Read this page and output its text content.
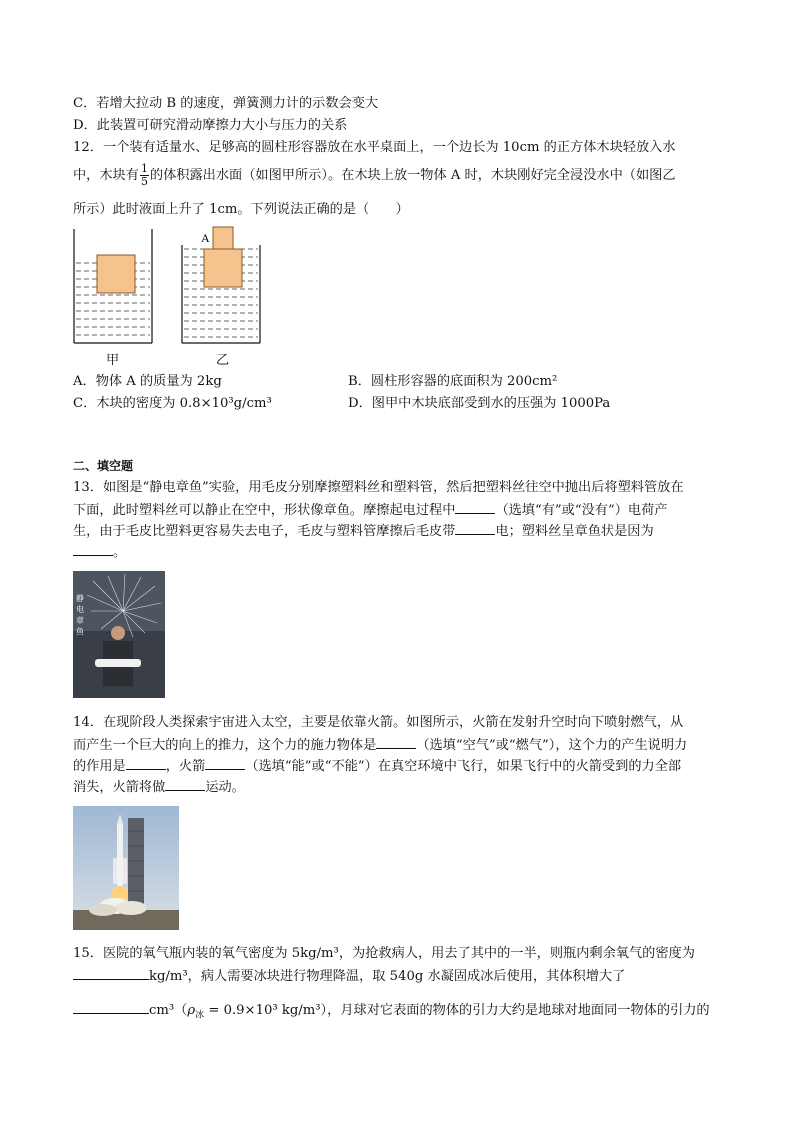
C．若增大拉动 B 的速度，弹簧测力计的示数会变大
D．此装置可研究滑动摩擦力大小与压力的关系
12．一个装有适量水、足够高的圆柱形容器放在水平桌面上，一个边长为 10cm 的正方体木块轻放入水
中，木块有 $\frac{1}{5}$ 的体积露出水面（如图甲所示）。在木块上放一物体 A 时，木块刚好完全浸没水中（如图乙
所示）此时液面上升了 1cm。下列说法正确的是（　　）
A
甲	乙
A．物体 A 的质量为 2kg	B．圆柱形容器的底面积为 200cm²
C．木块的密度为 0.8×10³g/cm³	D．图甲中木块底部受到水的压强为 1000Pa
二、填空题
13．如图是“静电章鱼”实验，用毛皮分别摩擦塑料丝和塑料管，然后把塑料丝往空中抛出后将塑料管放在
下面，此时塑料丝可以静止在空中，形状像章鱼。摩擦起电过程中	（选填“有”或“没有”）电荷产
生，由于毛皮比塑料更容易失去电子，毛皮与塑料管摩擦后毛皮带	电；塑料丝呈章鱼状是因为
。
静
电
章
鱼
14．在现阶段人类探索宇宙进入太空，主要是依靠火箭。如图所示，火箭在发射升空时向下喷射燃气，从
而产生一个巨大的向上的推力，这个力的施力物体是	（选填“空气”或“燃气”），这个力的产生说明力
的作用是	，火箭	（选填“能”或“不能”）在真空环境中飞行，如果飞行中的火箭受到的力全部
消失，火箭将做	运动。
15．医院的氧气瓶内装的氧气密度为 5kg/m³，为抢救病人，用去了其中的一半，则瓶内剩余氧气的密度为
kg/m³，病人需要冰块进行物理降温，取 540g 水凝固成冰后使用，其体积增大了
$cm^3(\rho_冰 = 0.9\times 10^3$ kg/m³），月球对它表面的物体的引力大约是地球对地面同一物体的引力的
